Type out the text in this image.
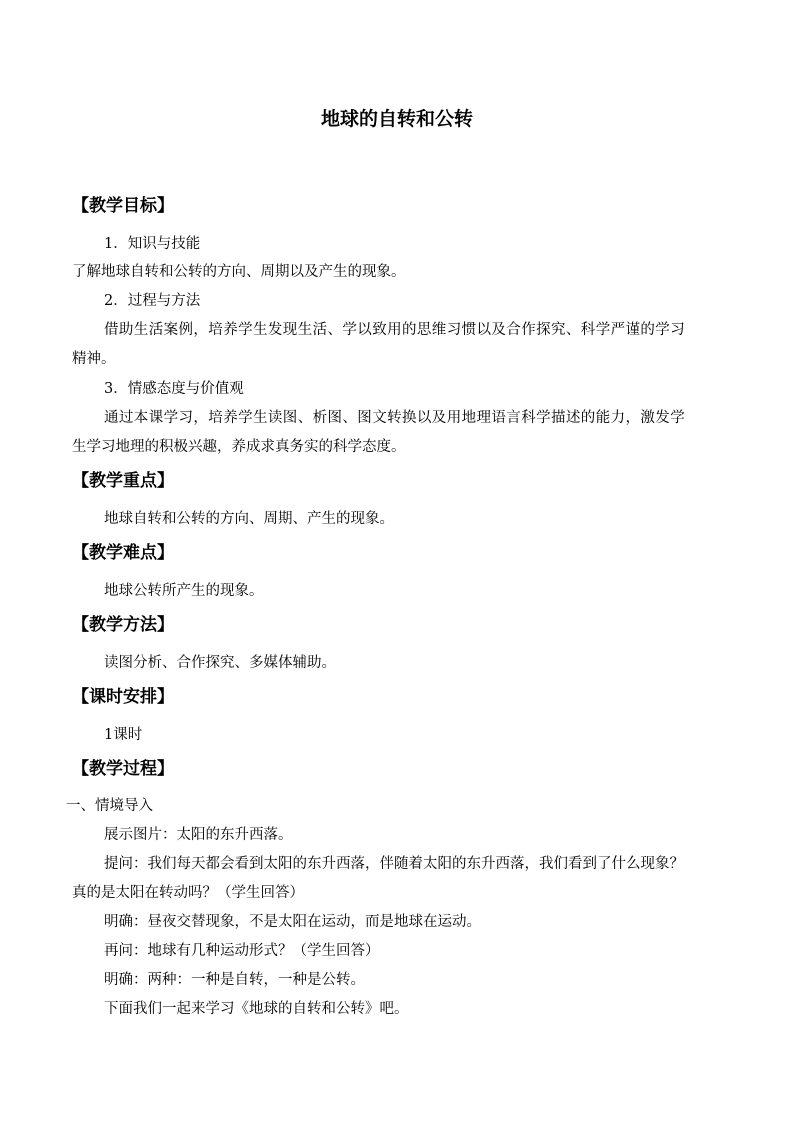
地球的自转和公转
【教学目标】
1．知识与技能
了解地球自转和公转的方向、周期以及产生的现象。
2．过程与方法
借助生活案例，培养学生发现生活、学以致用的思维习惯以及合作探究、科学严谨的学习
精神。
3．情感态度与价值观
通过本课学习，培养学生读图、析图、图文转换以及用地理语言科学描述的能力，激发学
生学习地理的积极兴趣，养成求真务实的科学态度。
【教学重点】
地球自转和公转的方向、周期、产生的现象。
【教学难点】
地球公转所产生的现象。
【教学方法】
读图分析、合作探究、多媒体辅助。
【课时安排】
1课时
【教学过程】
一、情境导入
展示图片：太阳的东升西落。
提问：我们每天都会看到太阳的东升西落，伴随着太阳的东升西落，我们看到了什么现象？
真的是太阳在转动吗？（学生回答）
明确：昼夜交替现象，不是太阳在运动，而是地球在运动。
再问：地球有几种运动形式？（学生回答）
明确：两种：一种是自转，一种是公转。
下面我们一起来学习《地球的自转和公转》吧。
